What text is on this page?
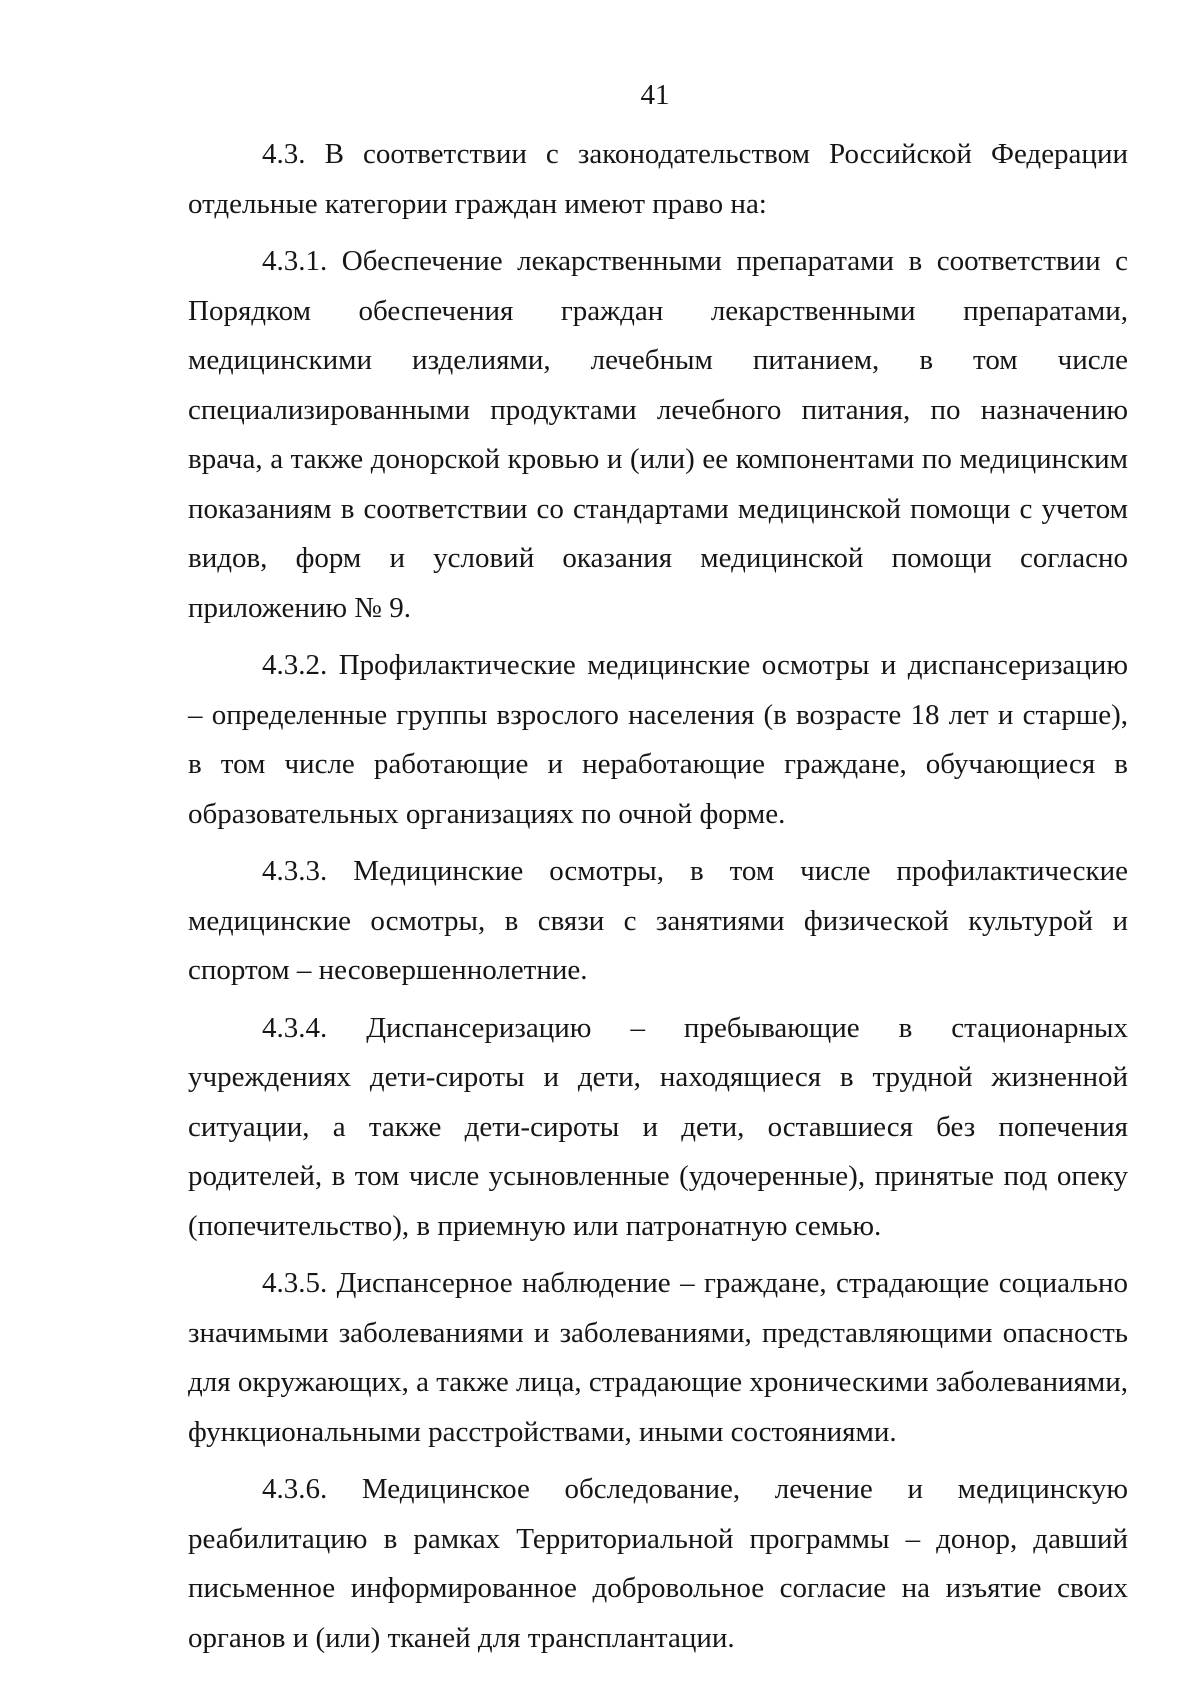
41

4.3. В соответствии с законодательством Российской Федерации отдельные категории граждан имеют право на:

4.3.1. Обеспечение лекарственными препаратами в соответствии с Порядком обеспечения граждан лекарственными препаратами, медицинскими изделиями, лечебным питанием, в том числе специализированными продуктами лечебного питания, по назначению врача, а также донорской кровью и (или) ее компонентами по медицинским показаниям в соответствии со стандартами медицинской помощи с учетом видов, форм и условий оказания медицинской помощи согласно приложению № 9.

4.3.2. Профилактические медицинские осмотры и диспансеризацию – определенные группы взрослого населения (в возрасте 18 лет и старше), в том числе работающие и неработающие граждане, обучающиеся в образовательных организациях по очной форме.

4.3.3. Медицинские осмотры, в том числе профилактические медицинские осмотры, в связи с занятиями физической культурой и спортом – несовершеннолетние.

4.3.4. Диспансеризацию – пребывающие в стационарных учреждениях дети-сироты и дети, находящиеся в трудной жизненной ситуации, а также дети-сироты и дети, оставшиеся без попечения родителей, в том числе усыновленные (удочеренные), принятые под опеку (попечительство), в приемную или патронатную семью.

4.3.5. Диспансерное наблюдение – граждане, страдающие социально значимыми заболеваниями и заболеваниями, представляющими опасность для окружающих, а также лица, страдающие хроническими заболеваниями, функциональными расстройствами, иными состояниями.

4.3.6. Медицинское обследование, лечение и медицинскую реабилитацию в рамках Территориальной программы – донор, давший письменное информированное добровольное согласие на изъятие своих органов и (или) тканей для трансплантации.
